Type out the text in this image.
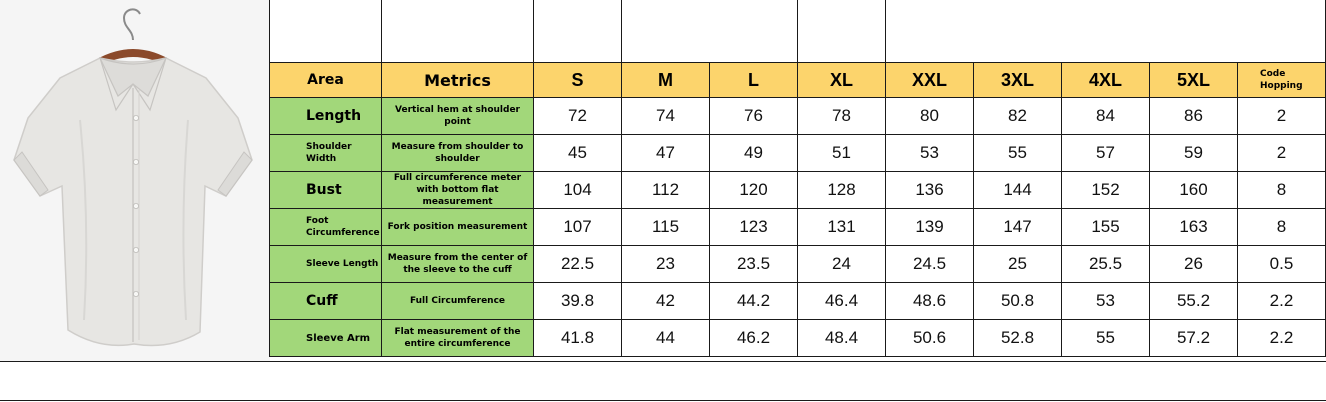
Area	Metrics	S	M	L	XL	XXL	3XL	4XL	5XL	Code
Hopping
Length	Vertical hem at shoulder point	72	74	76	78	80	82	84	86	2
Shoulder Width	Measure from shoulder to shoulder	45	47	49	51	53	55	57	59	2
Bust	Full circumference meter with bottom flat measurement	104	112	120	128	136	144	152	160	8
Foot Circumference	Fork position measurement	107	115	123	131	139	147	155	163	8
Sleeve Length	Measure from the center of the sleeve to the cuff	22.5	23	23.5	24	24.5	25	25.5	26	0.5
Cuff	Full Circumference	39.8	42	44.2	46.4	48.6	50.8	53	55.2	2.2
Sleeve Arm	Flat measurement of the entire circumference	41.8	44	46.2	48.4	50.6	52.8	55	57.2	2.2
